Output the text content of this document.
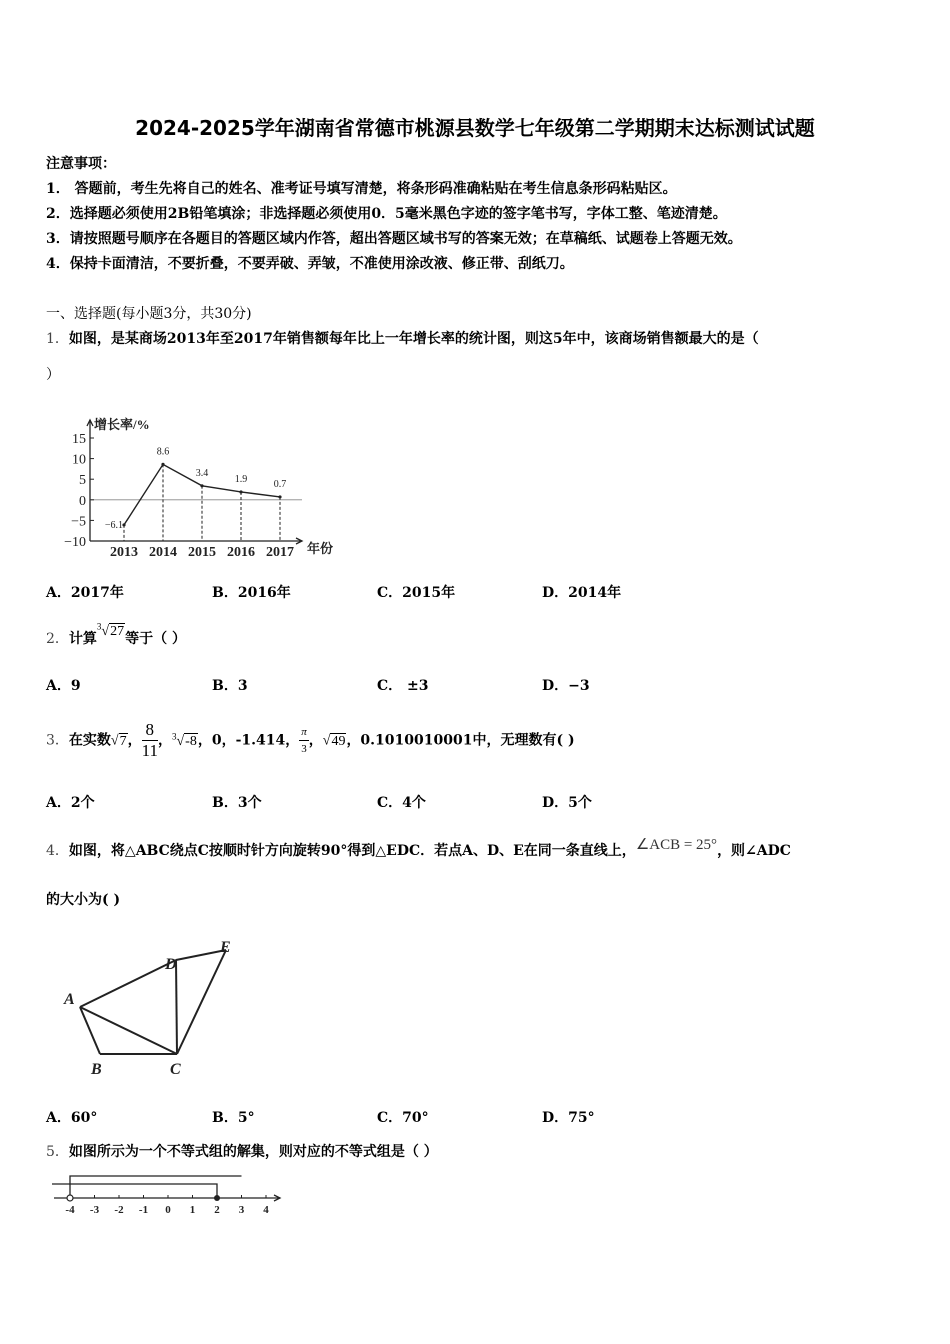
2024-2025学年湖南省常德市桃源县数学七年级第二学期期末达标测试试题
注意事项：
1． 答题前，考生先将自己的姓名、准考证号填写清楚，将条形码准确粘贴在考生信息条形码粘贴区。
2．选择题必须使用2B铅笔填涂；非选择题必须使用0．5毫米黑色字迹的签字笔书写，字体工整、笔迹清楚。
3．请按照题号顺序在各题目的答题区域内作答，超出答题区域书写的答案无效；在草稿纸、试题卷上答题无效。
4．保持卡面清洁，不要折叠，不要弄破、弄皱，不准使用涂改液、修正带、刮纸刀。
一、选择题(每小题3分，共30分)
1．如图，是某商场2013年至2017年销售额每年比上一年增长率的统计图，则这5年中，该商场销售额最大的是（
）
增长率/%
年份
15
10
5
0
−5
−10
2013 2014 2015 2016 2017
−6.1
8.6
3.4
1.9	0.7
A．2017年	B．2016年	C．2015年	D．2014年
2．计算$^3$√27等于（ ）
A．9	B．3	C． ±3	D．−3
3．在实数√7， $\frac{8}{11}$ ，$^3$√-8，0，-1.414， $\frac{\pi}{3}$ ，√49，0.1010010001中，无理数有( )
A．2个	B．3个	C．4个	D．5个
4．如图，将△ABC绕点C按顺时针方向旋转90°得到△EDC．若点A、D、E在同一条直线上，∠ACB = 25°，则∠ADC
的大小为( )
A
B	C
D
E
A．60°	B．5°	C．70°	D．75°
5．如图所示为一个不等式组的解集，则对应的不等式组是（ ）
-4 -3 -2 -1 0 1 2 3 4
